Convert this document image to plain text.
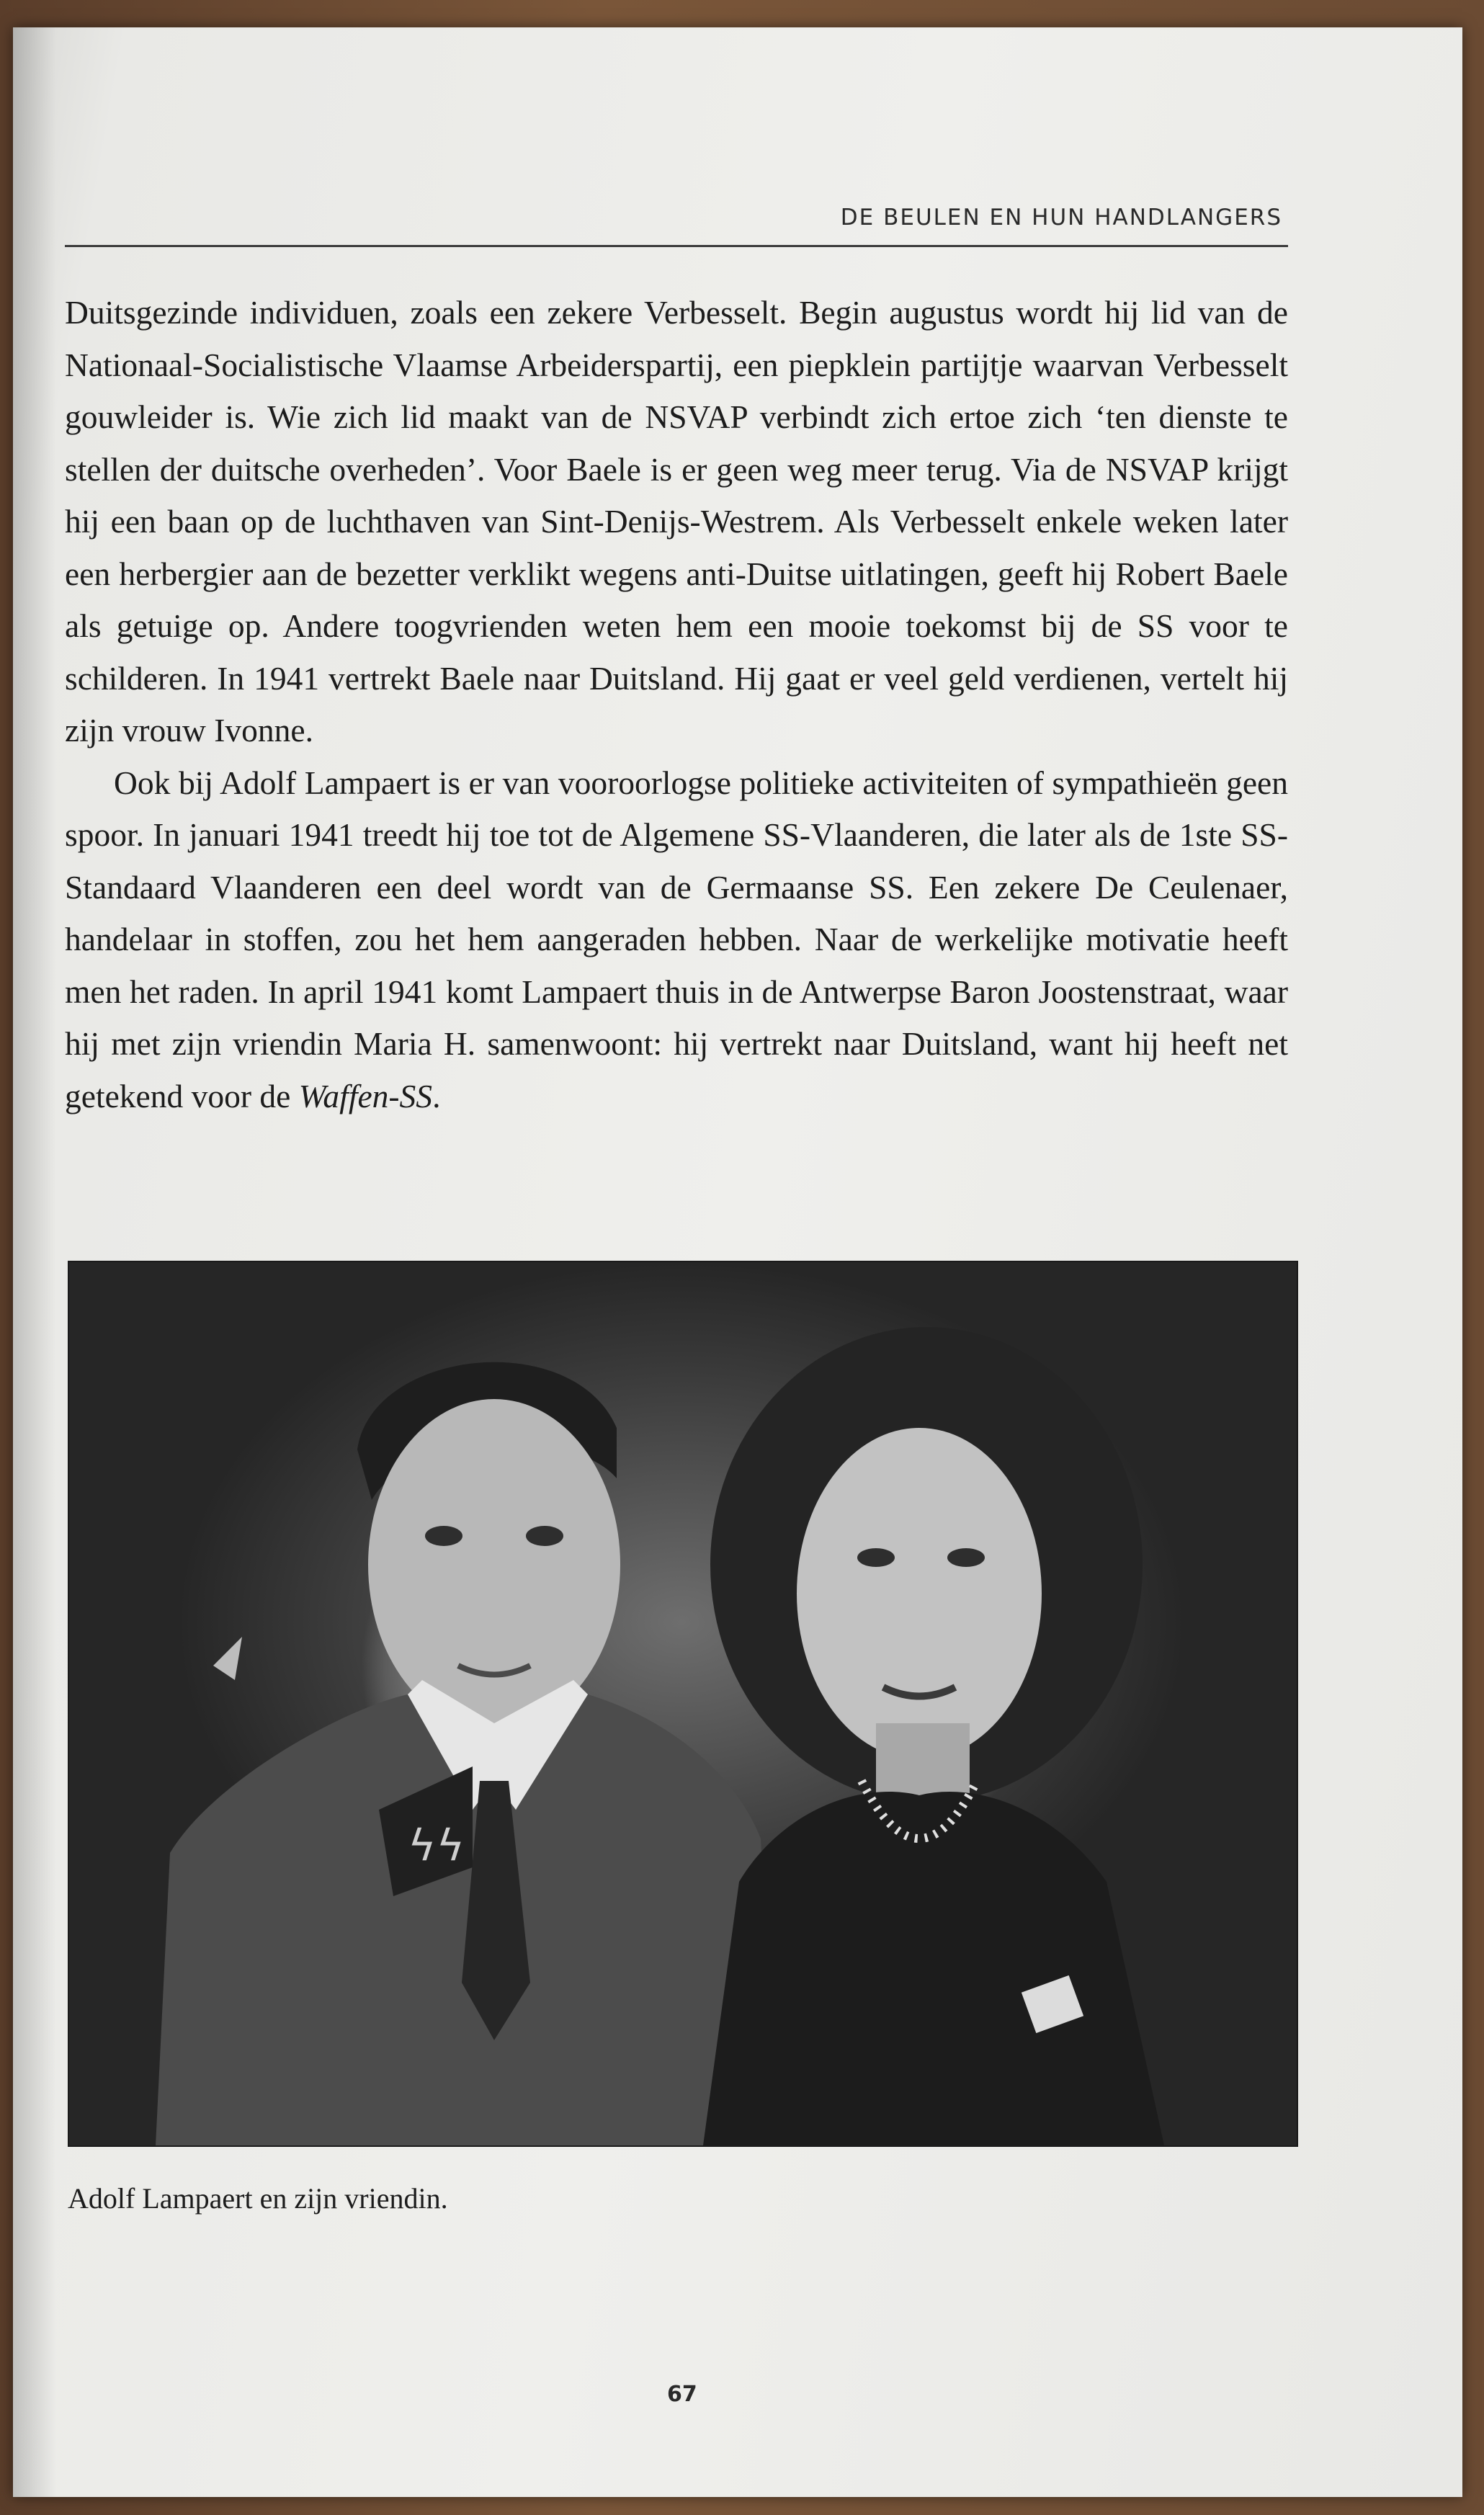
DE BEULEN EN HUN HANDLANGERS

Duitsgezinde individuen, zoals een zekere Verbesselt. Begin augustus wordt hij lid van de Nationaal-Socialistische Vlaamse Arbeiderspartij, een piepklein partijtje waarvan Verbesselt gouwleider is. Wie zich lid maakt van de NSVAP verbindt zich ertoe zich ‘ten dienste te stellen der duitsche overheden’. Voor Baele is er geen weg meer terug. Via de NSVAP krijgt hij een baan op de luchthaven van Sint-Denijs-Westrem. Als Verbesselt enkele weken later een herbergier aan de bezetter verklikt wegens anti-Duitse uitlatingen, geeft hij Robert Baele als getuige op. Andere toogvrienden weten hem een mooie toekomst bij de SS voor te schilderen. In 1941 vertrekt Baele naar Duitsland. Hij gaat er veel geld verdienen, vertelt hij zijn vrouw Ivonne.

Ook bij Adolf Lampaert is er van vooroorlogse politieke activiteiten of sympathieën geen spoor. In januari 1941 treedt hij toe tot de Algemene SS-Vlaanderen, die later als de 1ste SS-Standaard Vlaanderen een deel wordt van de Germaanse SS. Een zekere De Ceulenaer, handelaar in stoffen, zou het hem aangeraden hebben. Naar de werkelijke motivatie heeft men het raden. In april 1941 komt Lampaert thuis in de Antwerpse Baron Joostenstraat, waar hij met zijn vriendin Maria H. samenwoont: hij vertrekt naar Duitsland, want hij heeft net getekend voor de Waffen-SS.

ϟϟ
Adolf Lampaert en zijn vriendin.
67
